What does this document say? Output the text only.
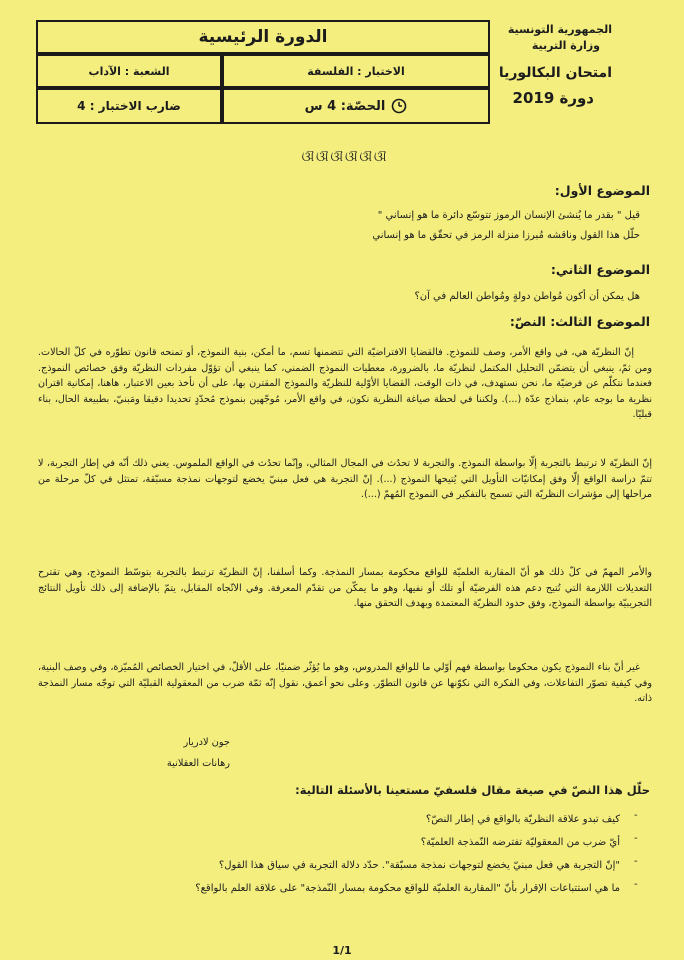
الدورة الرئيسية
الشعبة : الآداب	الاختبار : الفلسفة
ضارب الاختبار : 4	الحصّة: 4 س
الجمهورية التونسية
وزارة التربية
امتحان البكالوريا
دورة 2019
ଔଔଔଔଔଔ
الموضوع الأول:
قيل " بقدر ما يُنشئ الإنسان الرموز تتوسّع دائرة ما هو إنساني "
حلّل هذا القول وناقشه مُبرزا منزلة الرمز في تحقّق ما هو إنساني
الموضوع الثاني:
هل يمكن أن أكون مُواطن دولةٍ ومُواطن العالم في آن؟
الموضوع الثالث: النصّ:
إنّ النظريّة هي، في واقع الأمر، وصف للنموذج. فالقضايا الافتراضيّة التي تتضمنها تسم، ما أمكن، بنية النموذج، أو تمنحه قانون تطوّره في كلّ الحالات. ومن ثمّ، ينبغي أن يتضمّن التحليل المكتمل لنظريّة ما، بالضرورة، معطيات النموذج الضمني، كما ينبغي أن تؤوّل مفردات النظريّة وفق خصائص النموذج. فعندما نتكلّم عن فرضيّة ما، نحن نستهدف، في ذات الوقت، القضايا الأوّلية للنظريّة والنموذج المقترن بها، على أن نأخذ بعين الاعتبار، هاهنا، إمكانية اقتران نظرية ما بوجه عام، بنماذج عدّة (...). ولكننا في لحظة صياغة النظرية نكون، في واقع الأمر، مُوجّهين بنموذج مُحدّدٍ تحديدا دقيقا ومَبنيّ، بطبيعة الحال، بناء قبليّا.
إنّ النظريّة لا ترتبط بالتجربة إلّا بواسطة النموذج. والتجربة لا تحدُث في المجال المثالي، وإنّما تحدُث في الواقع الملموس. يعني ذلك أنّه في إطار التجربة، لا تتمّ دراسة الواقع إلّا وفق إمكانيّات التأويل التي يُتيحها النموذج (...). إنّ التجربة هي فعل مبنيّ يخضع لتوجهات نمذجة مسبّقة، تمتثل في كلّ مرحلة من مراحلها إلى مؤشرات النظريّة التي تسمح بالتفكير في النموذج المُهمّ (...).
والأمر المهمّ في كلّ ذلك هو أنّ المقاربة العلميّة للواقع محكومة بمسار النمذجة. وكما أسلفنا، إنّ النظريّة ترتبط بالتجربة بتوسّط النموذج، وهي تقترح التعديلات اللازمة التي تُتيح دعم هذه الفرضيّة أو تلك أو نفيها، وهو ما يمكّن من تقدّم المعرفة. وفي الاتّجاه المقابل، يتمّ بالإضافة إلى ذلك تأويل النتائج التجريبيّة بواسطة النموذج، وفق حدود النظريّة المعتمدة وبهدف التحقق منها.
غير أنّ بناء النموذج يكون محكوما بواسطة فهم أوّلي ما للواقع المدروس، وهو ما يُؤثّر ضمنيّا، على الأقلّ، في اختيار الخصائص المُميّزة، وفي وصف البنية، وفي كيفية تصوّر التفاعلات، وفي الفكرة التي نكوّنها عن قانون التطوّر. وعلى نحو أعمق، نقول إنّه ثمّة ضرب من المعقولية القبليّة التي توجّه مسار النمذجة ذاته.
جون لادريار
رهانات العقلانية
حلّل هذا النصّ في صيغة مقال فلسفيّ مستعينا بالأسئلة التالية:
كيف تبدو علاقة النظريّة بالواقع في إطار النصّ؟ -
أيّ ضرب من المعقوليّة تفترضه النّمذجة العلميّة؟ -
"إنّ التجربة هي فعل مبنيّ يخضع لتوجهات نمذجة مسبّقة". حدّد دلالة التجربة في سياق هذا القول؟ -
ما هي استتباعات الإقرار بأنّ "المقاربة العلميّة للواقع محكومة بمسار النّمذجة" على علاقة العلم بالواقع؟ -
1/1
